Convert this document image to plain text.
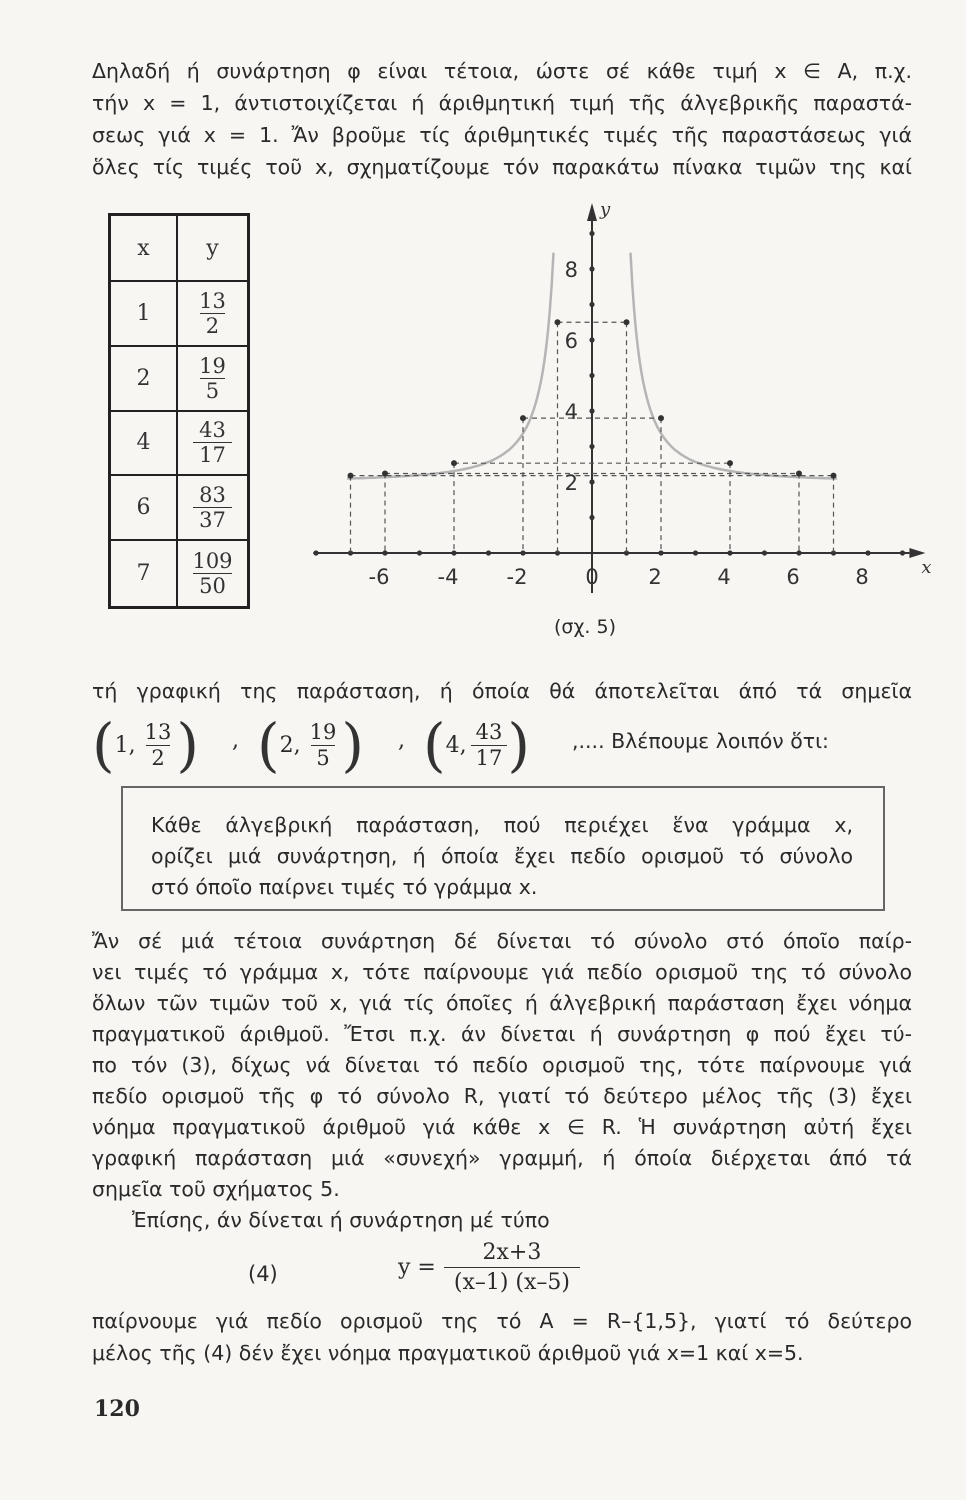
Δηλαδή ή συνάρτηση φ είναι τέτοια, ώστε σέ κάθε τιμή x ∈ A, π.χ.

τήν x = 1, άντιστοιχίζεται ή άριθμητική τιμή τῆς άλγεβρικῆς παραστά-

σεως γιά x = 1. Ἄν βροῦμε τίς άριθμητικές τιμές τῆς παραστάσεως γιά

ὅλες τίς τιμές τοῦ x, σχηματίζουμε τόν παρακάτω πίνακα τιμῶν της καί

x	y
1	$\frac{13}{2}$
2	$\frac{19}{5}$
4	$\frac{43}{17}$
6	$\frac{83}{37}$
7	$\frac{109}{50}$	-6 -4 -2	0 2	4	6	8
2
4
6
8
x
y
(σχ. 5)

τή γραφική της παράσταση, ή όποία θά άποτελεῖται άπό τά σημεῖα

( 1, $\frac{13}{2}$ ) , ( 2, $\frac{19}{5}$ ) , ( 4, $\frac{43}{17}$ ) ,.... Βλέπουμε λοιπόν ὅτι:
Κάθε άλγεβρική παράσταση, πού περιέχει ἕνα γράμμα x,
ορίζει μιά συνάρτηση, ή όποία ἔχει πεδίο ορισμοῦ τό σύνολο
στό όποῖο παίρνει τιμές τό γράμμα x.

Ἄν σέ μιά τέτοια συνάρτηση δέ δίνεται τό σύνολο στό όποῖο παίρ-

νει τιμές τό γράμμα x, τότε παίρνουμε γιά πεδίο ορισμοῦ της τό σύνολο

ὅλων τῶν τιμῶν τοῦ x, γιά τίς όποῖες ή άλγεβρική παράσταση ἔχει νόημα

πραγματικοῦ άριθμοῦ. Ἔτσι π.χ. άν δίνεται ή συνάρτηση φ πού ἔχει τύ-

πο τόν (3), δίχως νά δίνεται τό πεδίο ορισμοῦ της, τότε παίρνουμε γιά

πεδίο ορισμοῦ τῆς φ τό σύνολο R, γιατί τό δεύτερο μέλος τῆς (3) ἔχει

νόημα πραγματικοῦ άριθμοῦ γιά κάθε x ∈ R. Ἡ συνάρτηση αὐτή ἔχει

γραφική παράσταση μιά «συνεχή» γραμμή, ή όποία διέρχεται άπό τά

σημεῖα τοῦ σχήματος 5.

Ἐπίσης, άν δίνεται ή συνάρτηση μέ τύπο

(4)	$y = \frac{2x+3}{(x-1) (x-5)}$

παίρνουμε γιά πεδίο ορισμοῦ της τό A = R–{1,5}, γιατί τό δεύτερο

μέλος τῆς (4) δέν ἔχει νόημα πραγματικοῦ άριθμοῦ γιά x=1 καί x=5.

120
